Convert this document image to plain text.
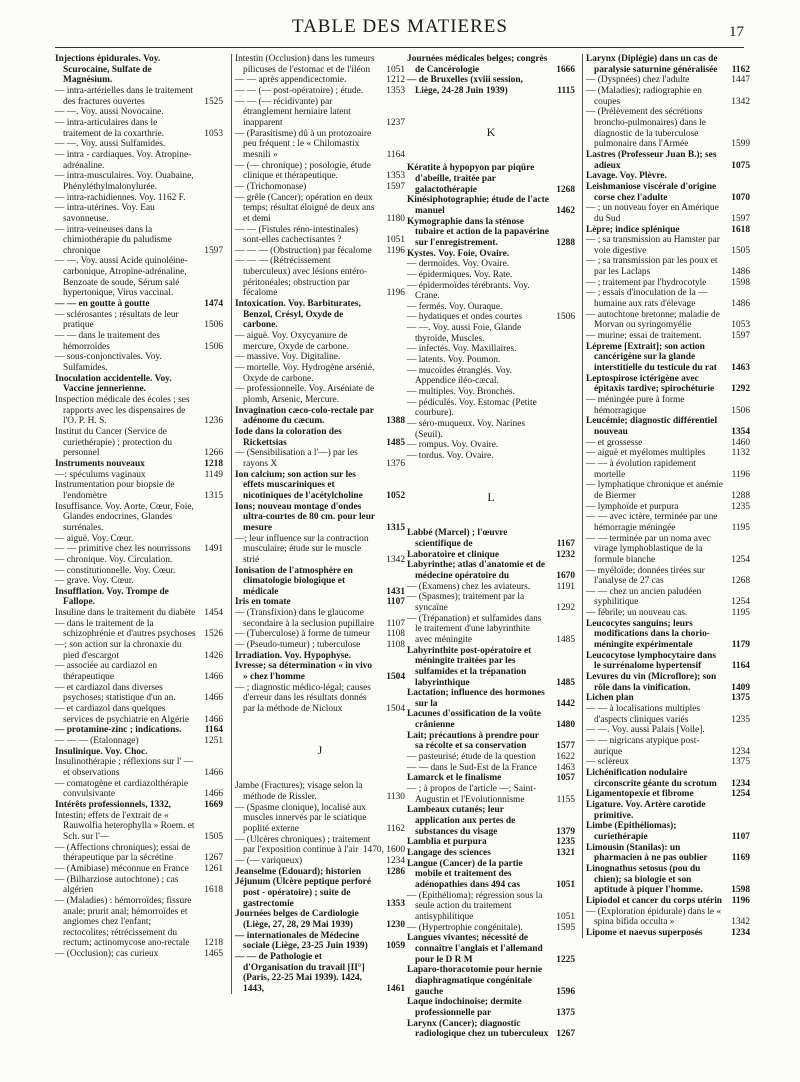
TABLE DES MATIERES	17
Injections épidurales. Voy. Scurocaine, Sulfate de Magnésium.
— intra-artérielles dans le traitement des fractures ouvertes	1525
— —. Voy. aussi Novocaine.
— intra-articulaires dans le traitement de la coxarthrie.	1053
— —. Voy. aussi Sulfamides.
— intra - cardiaques. Voy. Atropine-adrénaline.
— intra-musculaires. Voy. Ouabaine, Phényléthylmalonylurée.
— intra-rachidiennes. Voy. 1162 F.
— intra-utérines. Voy. Eau savonneuse.
— intra-veineuses dans la chimiothérapie du paludisme chronique	1597
— —. Voy. aussi Acide quinoléine-carbonique, Atropine-adrénaline, Benzoate de soude, Sérum salé hypertonique, Virus vaccinal.
— — en goutte à goutte	1474
— sclérosantes ; résultats de leur pratique	1506
— — dans le traitement des hémorroïdes	1506
— sous-conjonctivales. Voy. Sulfamides.
Inoculation accidentelle. Voy. Vaccine jennerienne.
Inspection médicale des écoles ; ses rapports avec les dispensaires de l'O. P. H. S.	1236
Institut du Cancer (Service de curiethérapie) ; protection du personnel	1266
Instruments nouveaux	1218
—: spéculums vaginaux	1149
Instrumentation pour biopsie de l'endomètre	1315
Insuffisance. Voy. Aorte, Cœur, Foie, Glandes endocrines, Glandes surrénales.
— aiguë. Voy. Cœur.
— — primitive chez les nourrissons 1491
— chronique. Voy. Circulation.
— constitutionnelle. Voy. Cœur.
— grave. Voy. Cœur.
Insufflation. Voy. Trompe de Fallope.
Insuline dans le traitement du diabète 1454
— dans le traitement de la schizophrénie et d'autres psychoses 1526
—; son action sur la chronaxie du pied d'escargot	1426
— associée au cardiazol en thérapeutique	1466
— et cardiazol dans diverses psychoses; statistique d'un an.	1466
— et cardiazol dans quelques services de psychiatrie en Algérie 1466
— protamine-zinc ; indications. 1164
— — — (Etalonnage)	1251
Insulinique. Voy. Choc.
Insulinothérapie ; réflexions sur l' — et observations	1466
— comatogène et cardiazolthérapie convulsivante	1466
Intérêts professionnels, 1332,	1669
Intestin; effets de l'extrait de « Rauwolfia heterophylla » Roem. et Sch. sur l'—	1505
— (Affections chroniques); essai de thérapeutique par la sécrétine	1267
— (Amibiase) méconnue en France 1261
— (Bilharziose autochtone) ; cas algérien	1618
— (Maladies) : hémorroïdes; fissure anale; prurit anal; hémorroïdes et angiomes chez l'enfant; rectocolites; rétrécissement du rectum; actinomycose ano-rectale 1218
— (Occlusion); cas curieux	1465
Intestin (Occlusion) dans les tumeurs pilicuses de l'estomac et de l'iléon 1051
— — après appendicectomie.	1212
— — (— post-opératoire) ; étude. 1353
— — (— récidivante) par étranglement herniaire latent inapparent	1237
— (Parasitisme) dû à un protozoaire peu fréquent : le « Chilomastix mesnili »	1164
— (— chronique) ; posologie, étude clinique et thérapeutique.	1353
— (Trichomonase)	1597
— grêle (Cancer); opération en deux temps; résultat éloigné de deux ans et demi	1180
— — (Fistules réno-intestinales) sont-elles cachectisantes ?	1051
— — — (Obstruction) par fécalome 1196
— — — (Rétrécissement tuberculeux) avec lésions entéro-péritonéales; obstruction par fécalome	1196
Intoxication. Voy. Barbiturates, Benzol, Crésyl, Oxyde de carbone.
— aiguë. Voy. Oxycyanure de mercure, Oxyde de carbone.
— massive. Voy. Digitaline.
— mortelle. Voy. Hydrogène arsénié, Oxyde de carbone.
— professionnelle. Voy. Arséniate de plomb, Arsenic, Mercure.
Invagination cæco-colo-rectale par adénome du cæcum.	1388
Iode dans la coloration des Rickettsias	1485
— (Sensibilisation a l'—) par les rayons X	1376
Ion calcium; son action sur les effets muscariniques et nicotiniques de l'acétylcholine 1052
Ions; nouveau montage d'ondes ultra-courtes de 80 cm. pour leur mesure	1315
—; leur influence sur la contraction musculaire; étude sur le muscle strié	1342
Ionisation de l'atmosphère en climatologie biologique et médicale	1431
Iris en tomate	1107
— (Transfixion) dans le glaucome secondaire à la seclusion pupillaire 1107
— (Tuberculose) à forme de tumeur 1108
— (Pseudo-tumeur) ; tuberculose	1108
Irradiation. Voy. Hypophyse.
Ivresse; sa détermination « in vivo » chez l'homme	1504
— ; diagnostic médico-légal; causes d'erreur dans les résultats donnés par la méthode de Nicloux	1504
J
Jambe (Fractures); visage selon la méthode de Rissler.	1130
— (Spasme clonique), localisé aux muscles innervés par le sciatique poplité externe	1162
— (Ulcères chroniques) ; traitement par l'exposition continue à l'air 1470, 1600
— (— variqueux)	1234
Jeanselme (Edouard); historien	1286
Jéjunum (Ulcère peptique perforé post - opératoire) ; suite de gastrectomie	1353
Journées belges de Cardiologie (Liège, 27, 28, 29 Mai 1939)	1230
— internationales de Médecine sociale (Liège, 23-25 Juin 1939) 1059
— — de Pathologie et d'Organisation du travail [II°] (Paris, 22-25 Mai 1939). 1424, 1443,	1461
Journées médicales belges; congrès de Cancérologie	1666
— de Bruxelles (xviii session, Liège, 24-28 Juin 1939)	1115
K
Kératite à hypopyon par piqûre d'abeille, traitée par galactothérapie	1268
Kinésiphotographie; étude de l'acte manuel	1462
Kymographie dans la sténose tubaire et action de la papavérine sur l'enregistrement.	1288
Kystes. Voy. Foie, Ovaire.
— dermoïdes. Voy. Ovaire.
— épidermiques. Voy. Rate.
— épidermoïdes térébrants. Voy. Crane.
— fermés. Voy. Ouraque.
— hydatiques et ondes courtes	1506
— —. Voy. aussi Foie, Glande thyroïde, Muscles.
— infectés. Voy. Maxillaires.
— latents. Voy. Poumon.
— mucoïdes étranglés. Voy. Appendice iléo-cæcal.
— multiples. Voy. Bronches.
— pédiculés. Voy. Estomac (Petite courbure).
— séro-muqueux. Voy. Narines (Seuil).
— rompus. Voy. Ovaire.
— tordus. Voy. Ovaire.
L
Labbé (Marcel) ; l'œuvre scientifique de	1167
Laboratoire et clinique	1232
Labyrinthe; atlas d'anatomie et de médecine opératoire du	1670
— (Examens) chez les aviateurs.	1191
— (Spasmes); traitement par la syncaïne	1292
— (Trépanation) et sulfamides dans le traitement d'une labyrinthite avec méningite	1485
Labyrinthite post-opératoire et méningite traitées par les sulfamides et la trépanation labyrinthique	1485
Lactation; influence des hormones sur la	1442
Lacunes d'ossification de la voûte crânienne	1480
Lait; précautions à prendre pour sa récolte et sa conservation	1577
— pasteurisé; étude de la question 1622
— — dans le Sud-Est de la France 1463
Lamarck et le finalisme	1057
— ; à propos de l'article —; Saint-Augustin et l'Evolutionnisme	1155
Lambeaux cutanés; leur application aux pertes de substances du visage	1379
Lamblia et purpura	1235
Langage des sciences	1321
Langue (Cancer) de la partie mobile et traitement des adénopathies dans 494 cas	1051
— (Epithélioma); régression sous la seule action du traitement antisyphilitique	1051
— (Hypertrophie congénitale).	1595
Langues vivantes; nécessité de connaître l'anglais et l'allemand pour le D R M	1225
Laparo-thoracotomie pour hernie diaphragmatique congénitale gauche	1596
Laque indochinoise; dermite professionnelle par	1375
Larynx (Cancer); diagnostic radiologique chez un tuberculeux 1267
Larynx (Diplégie) dans un cas de paralysie saturnine généralisée 1162
— (Dyspnées) chez l'adulte	1447
— (Maladies); radiographie en coupes	1342
— (Prélèvement des sécrétions broncho-pulmonaires) dans le diagnostic de la tuberculose pulmonaire dans l'Armée	1599
Lastres (Professeur Juan B.); ses adieux	1075
Lavage. Voy. Plèvre.
Leishmaniose viscérale d'origine corse chez l'adulte	1070
— ; un nouveau foyer en Amérique du Sud	1597
Lèpre; indice splénique	1618
— ; sa transmission au Hamster par voie digestive	1505
— ; sa transmission par les poux et par les Laclaps	1486
— ; traitement par l'hydrocotyle	1598
— ; essais d'inoculation de la — humaine aux rats d'élevage	1486
— autochtone bretonne; maladie de Morvan ou syringomyélie	1053
— murine; essai de traitement.	1597
Lépreme [Extrait]; son action cancérigène sur la glande interstitielle du testicule du rat 1463
Leptospirose ictérigène avec épitaxis tardive; spirochéturie 1292
— méningée pure à forme hémorragique	1506
Leucémie; diagnostic différentiel nouveau	1354
— et grossesse	1460
— aiguë et myélomes multiples	1132
— — à évolution rapidement mortelle	1196
— lymphatique chronique et anémie de Biermer	1288
— lymphoïde et purpura	1235
— — avec ictère, terminée par une hémorragie méningée	1195
— — terminée par un noma avec virage lymphoblastique de la formule blanche	1254
— myéloïde; données tirées sur l'analyse de 27 cas	1268
— — chez un ancien paludéen syphilitique	1254
— fébrile; un nouveau cas.	1195
Leucocytes sanguins; leurs modifications dans la chorio-méningite expérimentale	1179
Leucocytose lymphocytaire dans le surrénalome hypertensif	1164
Levures du vin (Microflore); son rôle dans la vinification.	1409
Lichen plan	1375
— — à localisations multiples d'aspects cliniques variés	1235
— —. Voy. aussi Palais [Voile].
— — nigricans atypique post-aurique	1234
— scléreux	1375
Lichénification nodulaire circonscrite géante du scrotum 1234
Ligamentopexie et fibrome	1254
Ligature. Voy. Artère carotide primitive.
Limbe (Epithéliomas); curiethérapie	1107
Limousin (Stanilas): un pharmacien à ne pas oublier	1169
Linognathus setosus (pou du chien); sa biologie et son aptitude à piquer l'homme.	1598
Lipiodol et cancer du corps utérin 1196
— (Exploration épidurale) dans le « spina bifida occulta »	1342
Lipome et naevus superposés	1234
